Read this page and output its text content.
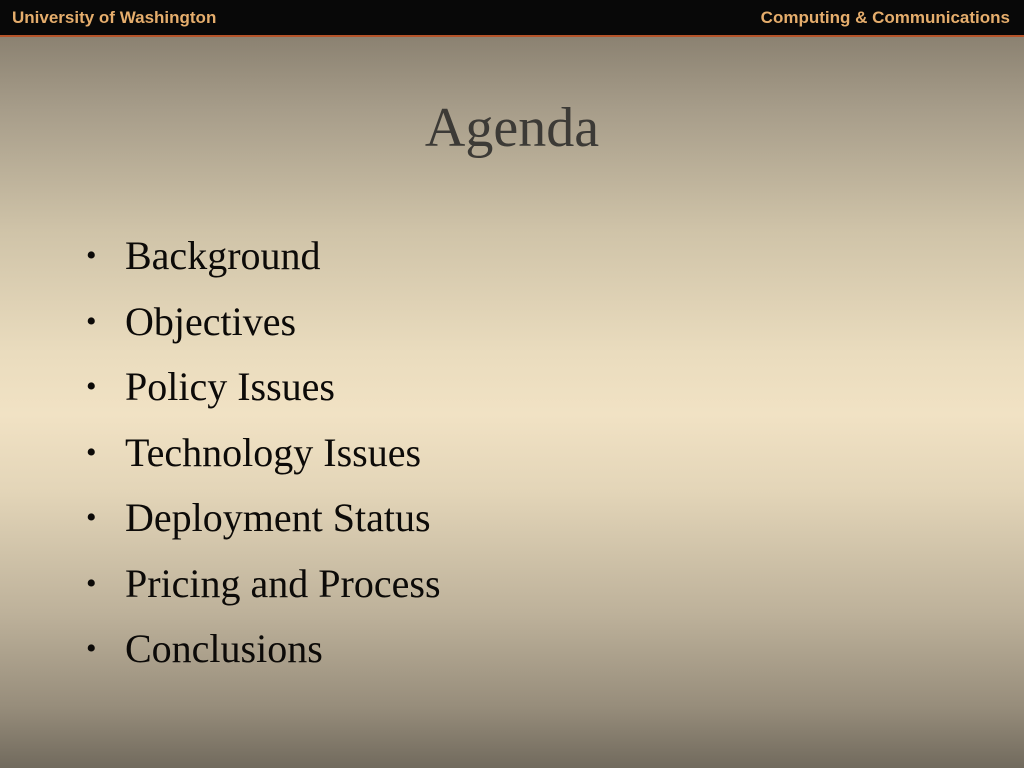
University of Washington	Computing & Communications
Agenda
• Background
• Objectives
• Policy Issues
• Technology Issues
• Deployment Status
• Pricing and Process
• Conclusions
